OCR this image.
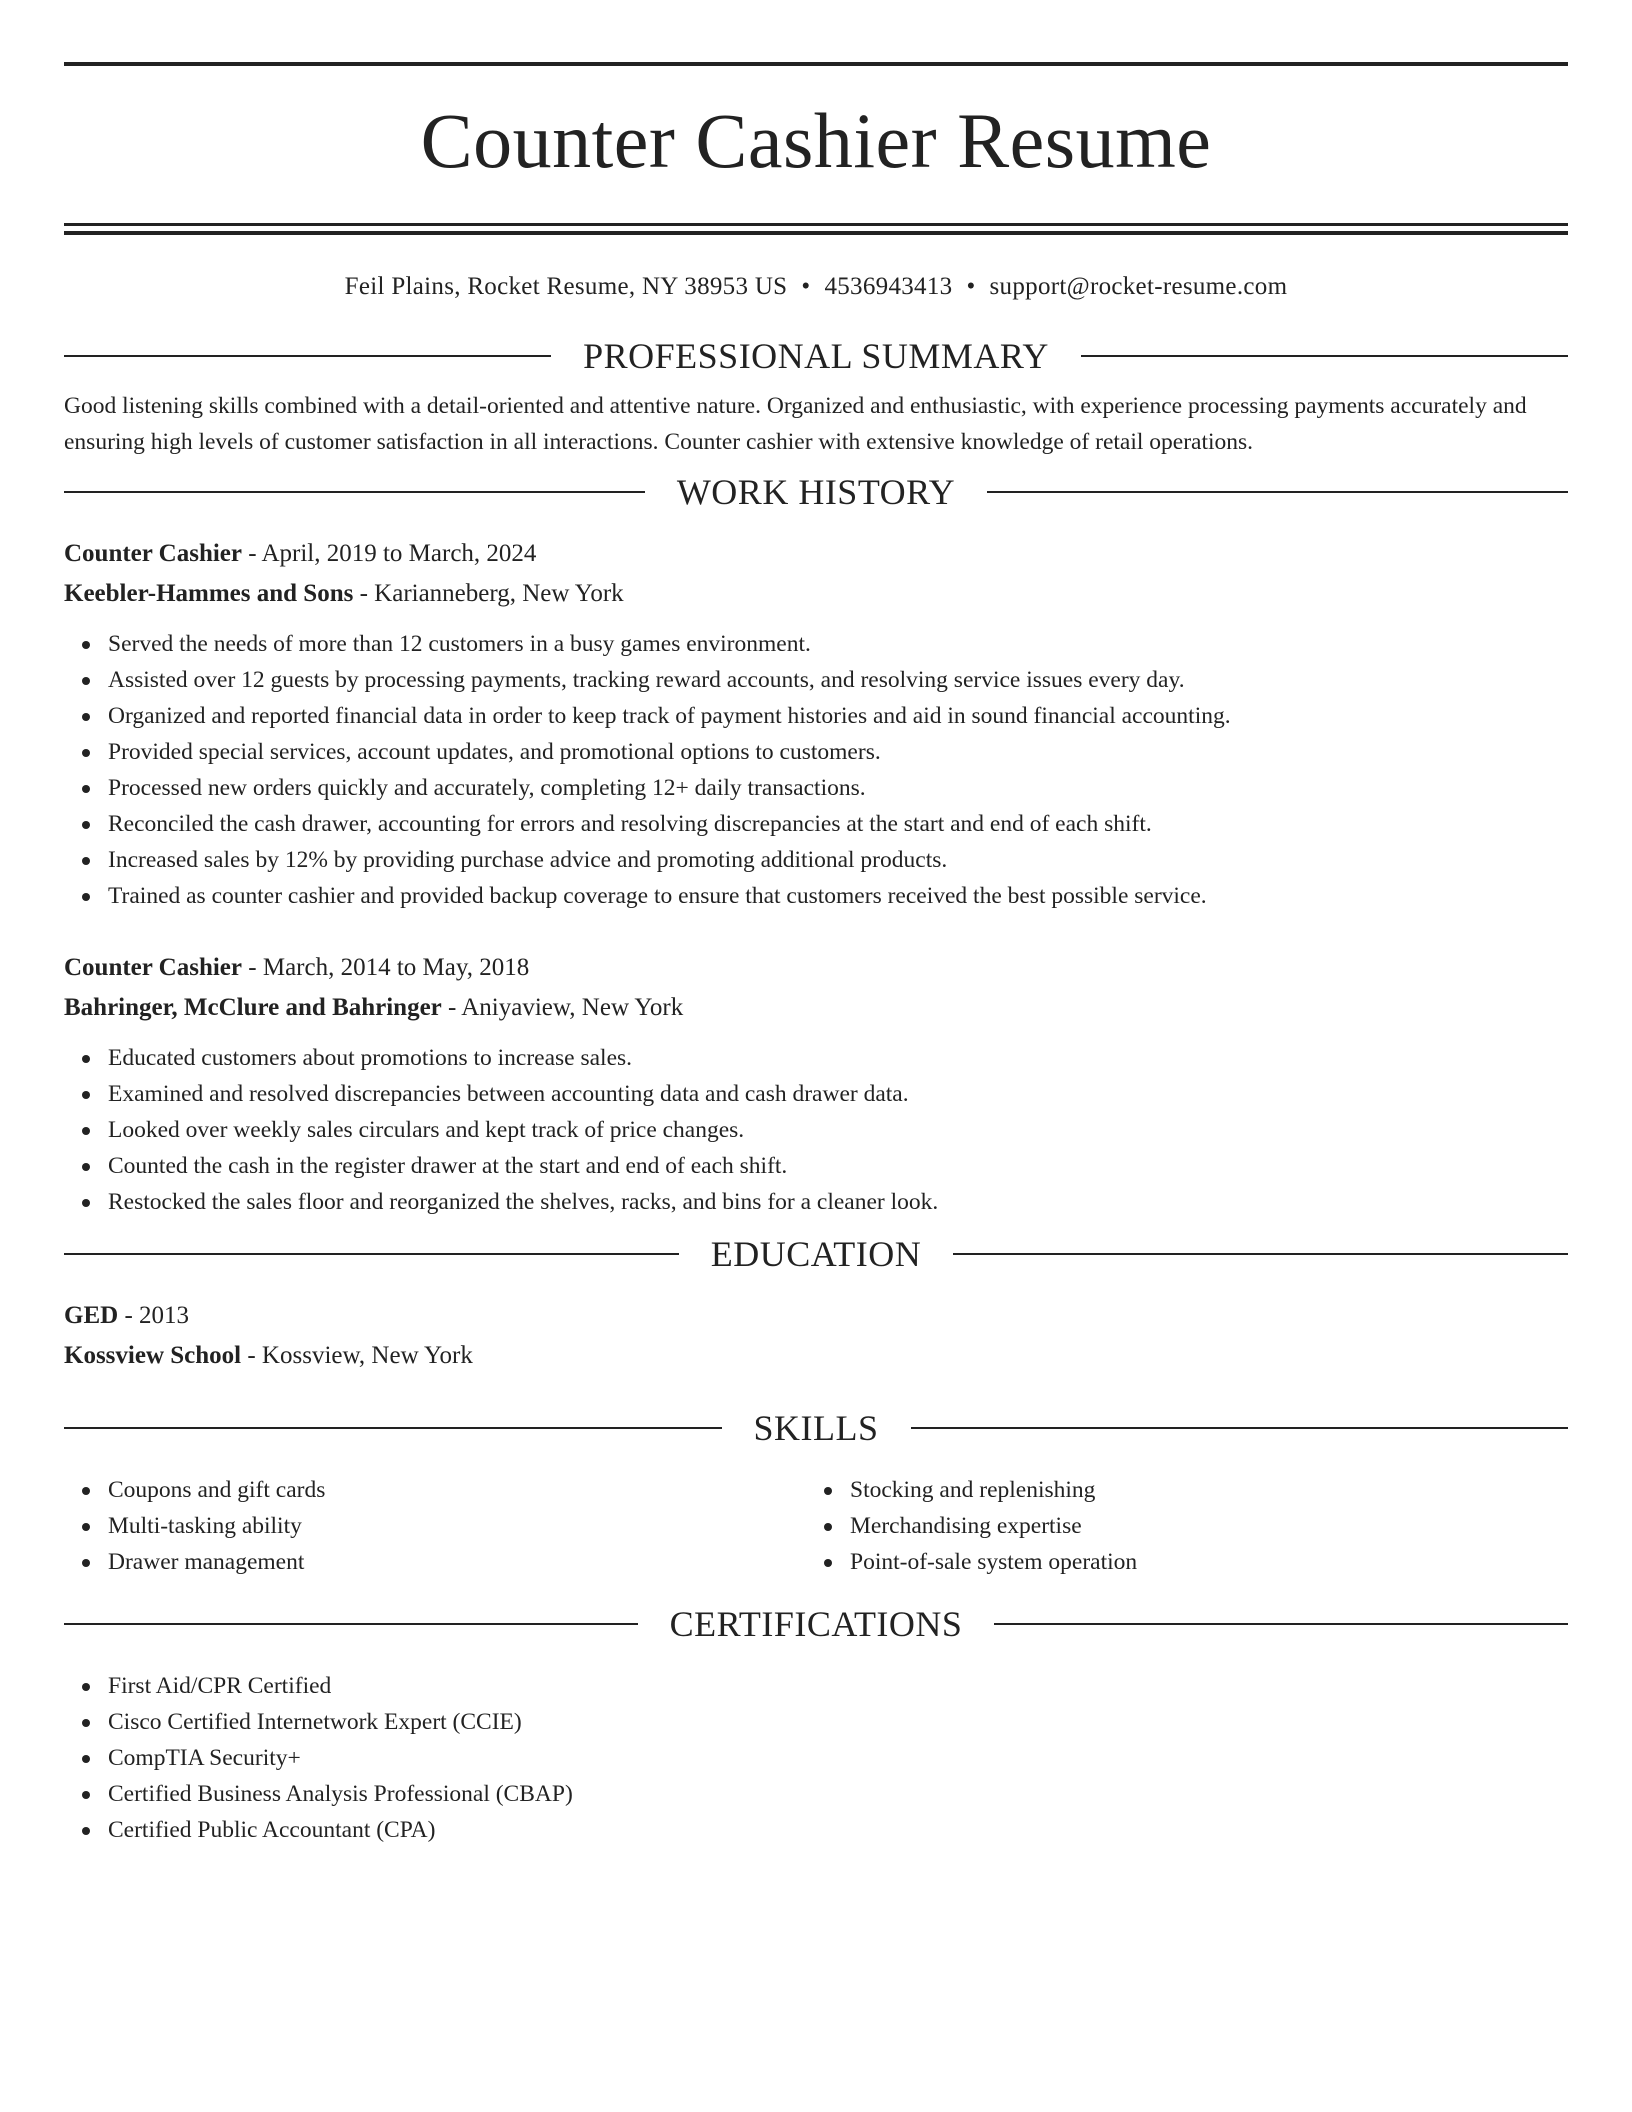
Counter Cashier Resume
Feil Plains, Rocket Resume, NY 38953 US • 4536943413 • support@rocket-resume.com
PROFESSIONAL SUMMARY

Good listening skills combined with a detail-oriented and attentive nature. Organized and enthusiastic, with experience processing payments accurately and ensuring high levels of customer satisfaction in all interactions. Counter cashier with extensive knowledge of retail operations.

WORK HISTORY
Counter Cashier - April, 2019 to March, 2024
Keebler-Hammes and Sons - Karianneberg, New York
Served the needs of more than 12 customers in a busy games environment.
Assisted over 12 guests by processing payments, tracking reward accounts, and resolving service issues every day.
Organized and reported financial data in order to keep track of payment histories and aid in sound financial accounting.
Provided special services, account updates, and promotional options to customers.
Processed new orders quickly and accurately, completing 12+ daily transactions.
Reconciled the cash drawer, accounting for errors and resolving discrepancies at the start and end of each shift.
Increased sales by 12% by providing purchase advice and promoting additional products.
Trained as counter cashier and provided backup coverage to ensure that customers received the best possible service.
Counter Cashier - March, 2014 to May, 2018
Bahringer, McClure and Bahringer - Aniyaview, New York
Educated customers about promotions to increase sales.
Examined and resolved discrepancies between accounting data and cash drawer data.
Looked over weekly sales circulars and kept track of price changes.
Counted the cash in the register drawer at the start and end of each shift.
Restocked the sales floor and reorganized the shelves, racks, and bins for a cleaner look.
EDUCATION
GED - 2013
Kossview School - Kossview, New York
SKILLS
Coupons and gift cards
Multi-tasking ability
Drawer management
Stocking and replenishing
Merchandising expertise
Point-of-sale system operation
CERTIFICATIONS
First Aid/CPR Certified
Cisco Certified Internetwork Expert (CCIE)
CompTIA Security+
Certified Business Analysis Professional (CBAP)
Certified Public Accountant (CPA)
